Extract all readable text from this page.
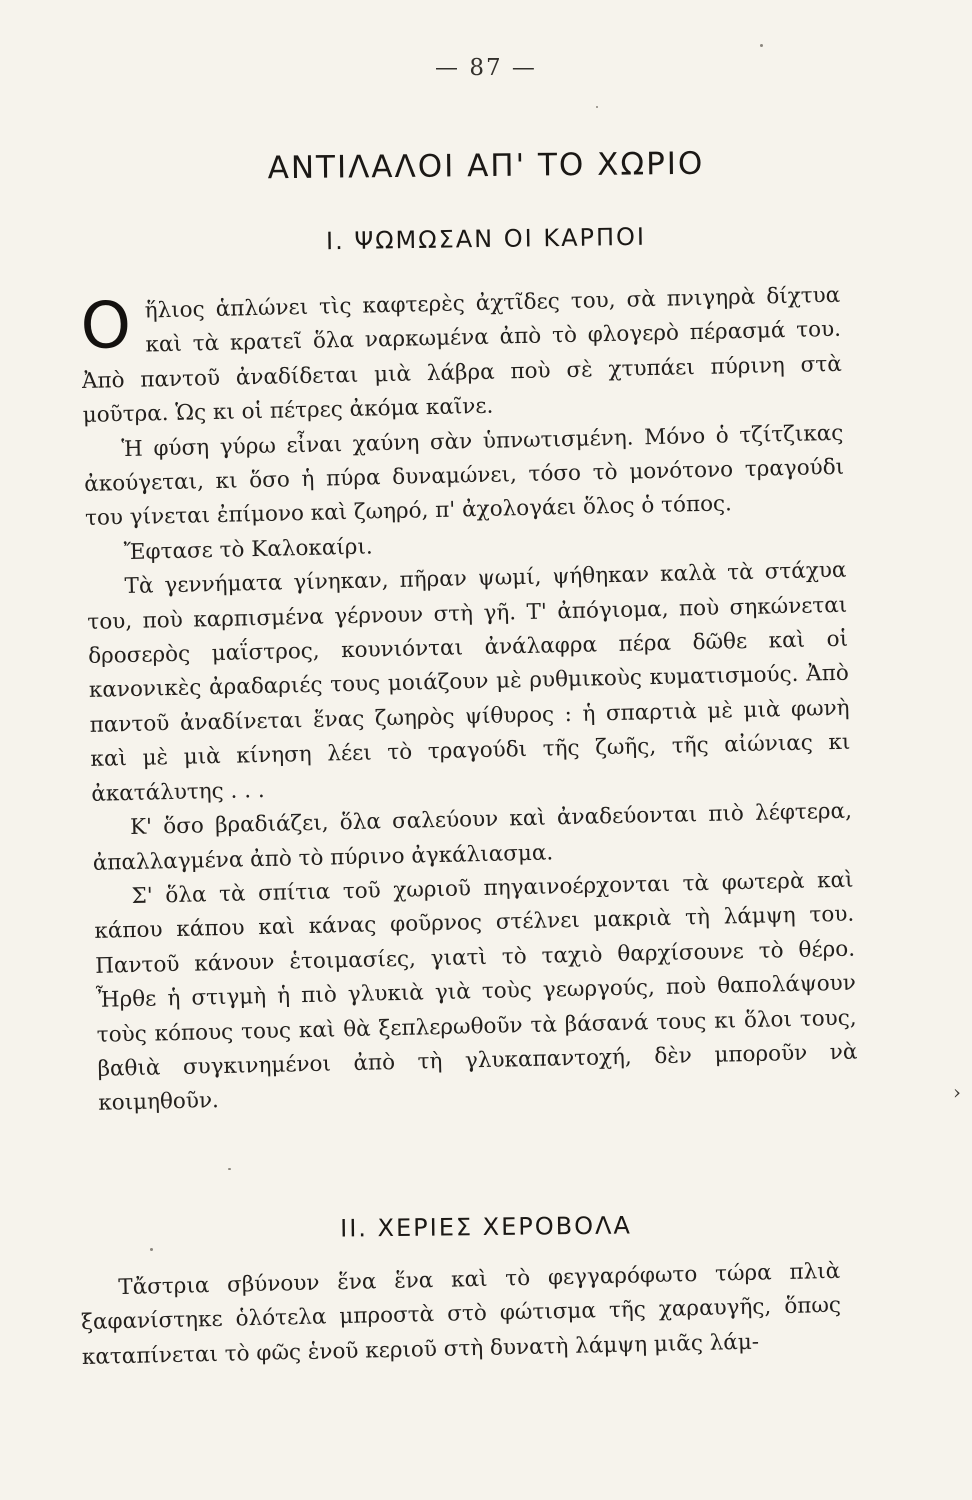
— 87 —
ΑΝΤΙΛΑΛΟΙ ΑΠ' ΤΟ ΧΩΡΙΟ
Ι. ΨΩΜΩΣΑΝ ΟΙ ΚΑΡΠΟΙ

Ο ἥλιος ἁπλώνει τὶς καφτερὲς ἀχτῖδες του, σὰ πνιγηρὰ δίχτυα καὶ τὰ κρατεῖ ὅλα ναρκωμένα ἀπὸ τὸ φλογερὸ πέρασμά του. Ἀπὸ παντοῦ ἀναδίδεται μιὰ λάβρα ποὺ σὲ χτυπάει πύρινη στὰ μοῦτρα. Ὡς κι οἱ πέτρες ἀκόμα καῖνε.

Ἡ φύση γύρω εἶναι χαύνη σὰν ὑπνωτισμένη. Μόνο ὁ τζίτζικας ἀκούγεται, κι ὅσο ἡ πύρα δυναμώνει, τόσο τὸ μονότονο τραγούδι του γίνεται ἐπίμονο καὶ ζωηρό, π' ἀχολογάει ὅλος ὁ τόπος.

Ἔφτασε τὸ Καλοκαίρι.

Τὰ γεννήματα γίνηκαν, πῆραν ψωμί, ψήθηκαν καλὰ τὰ στάχυα του, ποὺ καρπισμένα γέρνουν στὴ γῆ. Τ' ἀπόγιομα, ποὺ σηκώνεται δροσερὸς μαΐστρος, κουνιόνται ἀνάλαφρα πέρα δῶθε καὶ οἱ κανονικὲς ἀραδαριές τους μοιάζουν μὲ ρυθμικοὺς κυματισμούς. Ἀπὸ παντοῦ ἀναδίνεται ἕνας ζωηρὸς ψίθυρος : ἡ σπαρτιὰ μὲ μιὰ φωνὴ καὶ μὲ μιὰ κίνηση λέει τὸ τραγούδι τῆς ζωῆς, τῆς αἰώνιας κι ἀκατάλυτης . . .

Κ' ὅσο βραδιάζει, ὅλα σαλεύουν καὶ ἀναδεύονται πιὸ λέφτερα, ἀπαλλαγμένα ἀπὸ τὸ πύρινο ἀγκάλιασμα.

Σ' ὅλα τὰ σπίτια τοῦ χωριοῦ πηγαινοέρχονται τὰ φωτερὰ καὶ κάπου κάπου καὶ κάνας φοῦρνος στέλνει μακριὰ τὴ λάμψη του. Παντοῦ κάνουν ἑτοιμασίες, γιατὶ τὸ ταχιὸ θαρχίσουνε τὸ θέρο. Ἦρθε ἡ στιγμὴ ἡ πιὸ γλυκιὰ γιὰ τοὺς γεωργούς, ποὺ θαπολάψουν τοὺς κόπους τους καὶ θὰ ξεπλερωθοῦν τὰ βάσανά τους κι ὅλοι τους, βαθιὰ συγκινημένοι ἀπὸ τὴ γλυκαπαντοχή, δὲν μποροῦν νὰ κοιμηθοῦν.

ΙΙ. ΧΕΡΙΕΣ ΧΕΡΟΒΟΛΑ

Τἄστρια σβύνουν ἕνα ἕνα καὶ τὸ φεγγαρόφωτο τώρα πλιὰ ξαφανίστηκε ὁλότελα μπροστὰ στὸ φώτισμα τῆς χαραυγῆς, ὅπως καταπίνεται τὸ φῶς ἑνοῦ κεριοῦ στὴ δυνατὴ λάμψη μιᾶς λάμ-

›
